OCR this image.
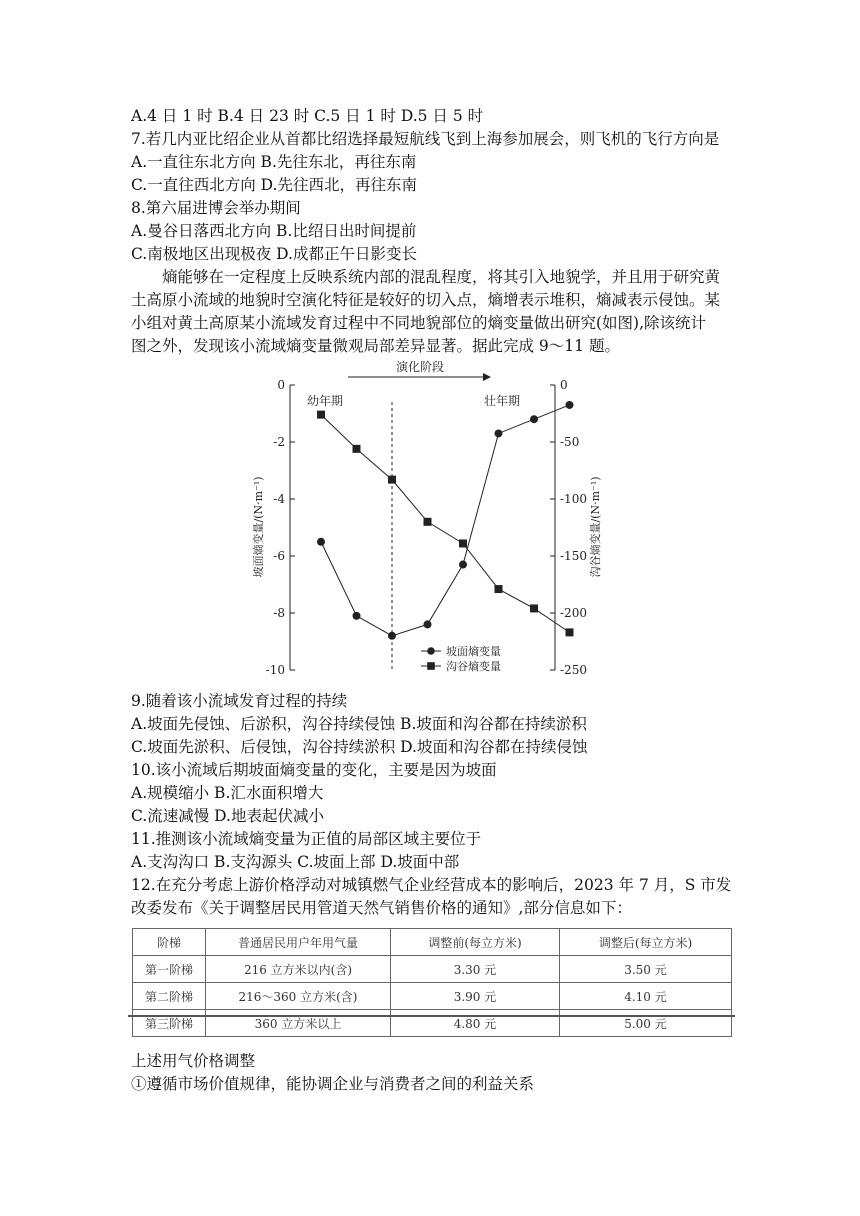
A.4 日 1 时 B.4 日 23 时 C.5 日 1 时 D.5 日 5 时
7.若几内亚比绍企业从首都比绍选择最短航线飞到上海参加展会，则飞机的飞行方向是
A.一直往东北方向 B.先往东北，再往东南
C.一直往西北方向 D.先往西北，再往东南
8.第六届进博会举办期间
A.曼谷日落西北方向 B.比绍日出时间提前
C.南极地区出现极夜 D.成都正午日影变长
熵能够在一定程度上反映系统内部的混乱程度，将其引入地貌学，并且用于研究黄
土高原小流域的地貌时空演化特征是较好的切入点，熵增表示堆积，熵减表示侵蚀。某
小组对黄土高原某小流域发育过程中不同地貌部位的熵变量做出研究(如图),除该统计
图之外，发现该小流域熵变量微观局部差异显著。据此完成 9～11 题。
演化阶段
幼年期	壮年期
0
-2
-4
-6
-8
-10
0
-50
-100
-150
-200
-250
坡面熵变量/(N·m⁻¹)	沟谷熵变量/(N·m⁻¹)
坡面熵变量
沟谷熵变量
9.随着该小流域发育过程的持续
A.坡面先侵蚀、后淤积，沟谷持续侵蚀 B.坡面和沟谷都在持续淤积
C.坡面先淤积、后侵蚀，沟谷持续淤积 D.坡面和沟谷都在持续侵蚀
10.该小流域后期坡面熵变量的变化，主要是因为坡面
A.规模缩小 B.汇水面积增大
C.流速减慢 D.地表起伏减小
11.推测该小流域熵变量为正值的局部区域主要位于
A.支沟沟口 B.支沟源头 C.坡面上部 D.坡面中部
12.在充分考虑上游价格浮动对城镇燃气企业经营成本的影响后，2023 年 7 月，S 市发
改委发布《关于调整居民用管道天然气销售价格的通知》,部分信息如下：
阶梯	普通居民用户年用气量	调整前(每立方米)	调整后(每立方米)
第一阶梯	216 立方米以内(含)	3.30 元	3.50 元
第二阶梯	216～360 立方米(含)	3.90 元	4.10 元
第三阶梯	360 立方米以上	4.80 元	5.00 元
上述用气价格调整
①遵循市场价值规律，能协调企业与消费者之间的利益关系
